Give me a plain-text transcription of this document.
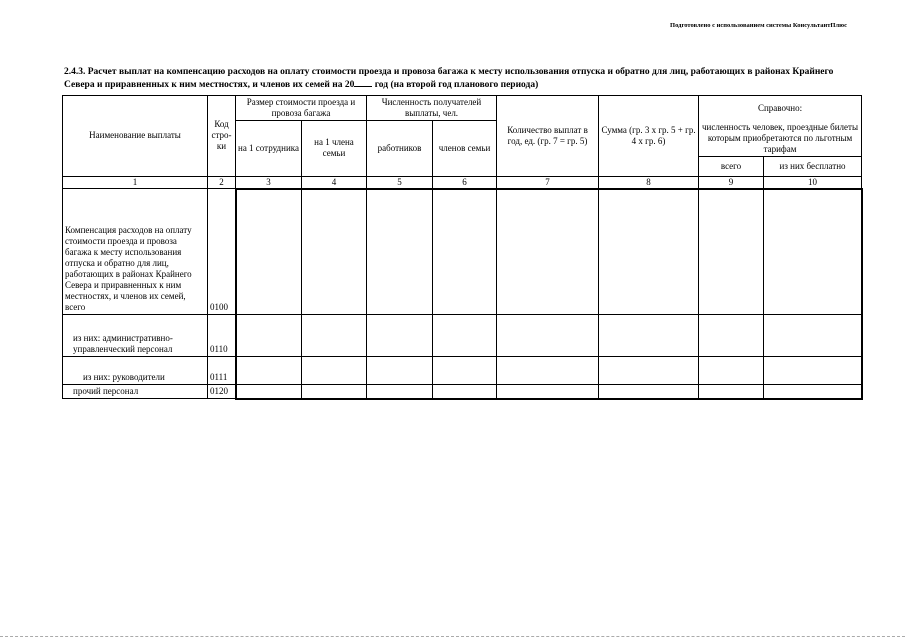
Подготовлено с использованием системы КонсультантПлюс
2.4.3. Расчет выплат на компенсацию расходов на оплату стоимости проезда и провоза багажа к месту использования отпуска и обратно для лиц, работающих в районах Крайнего Севера и приравненных к ним местностях, и членов их семей на 20 год (на второй год планового периода)
Наименование выплаты	Код стро-ки	Размер стоимости проезда и провоза багажа		Численность получателей выплаты, чел.		Количество выплат в год, ед. (гр. 7 = гр. 5)	Сумма (гр. 3 x гр. 5 + гр. 4 x гр. 6)	Справочно:	
		на 1 сотрудника	на 1 члена семьи	работников	членов семьи			численность человек, проездные билеты которым приобретаются по льготным тарифам	
								всего	из них бесплатно
1	2	3	4	5	6	7	8	9	10
Компенсация расходов на оплату стоимости проезда и провоза багажа к месту использования отпуска и обратно для лиц, работающих в районах Крайнего Севера и приравненных к ним местностях, и членов их семей, всего	0100								
из них: административно-управленческий персонал	0110								
из них: руководители	0111								
прочий персонал	0120								
